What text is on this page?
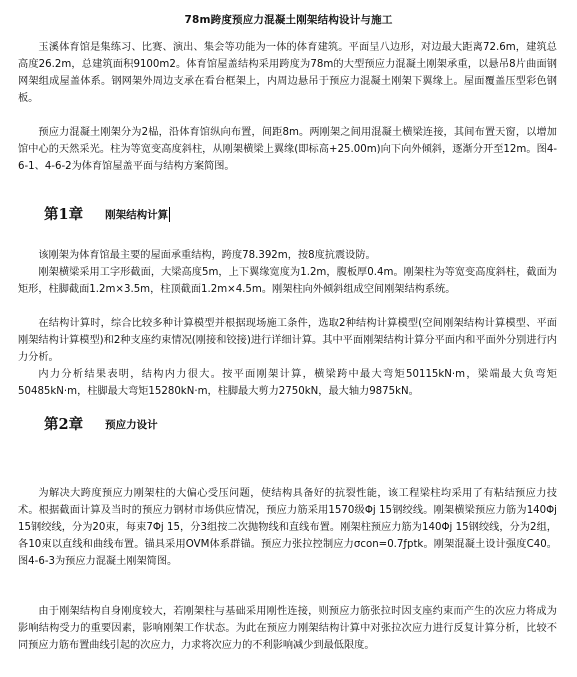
78m跨度预应力混凝土刚架结构设计与施工

玉溪体育馆是集练习、比赛、演出、集会等功能为一体的体育建筑。平面呈八边形，对边最大距离72.6m，建筑总高度26.2m，总建筑面积9100m2。体育馆屋盖结构采用跨度为78m的大型预应力混凝土刚架承重，以悬吊8片曲面钢网架组成屋盖体系。钢网架外周边支承在看台框架上，内周边悬吊于预应力混凝土刚架下翼缘上。屋面覆盖压型彩色钢板。

预应力混凝土刚架分为2榀，沿体育馆纵向布置，间距8m。两刚架之间用混凝土横梁连接，其间布置天窗，以增加馆中心的天然采光。柱为等宽变高度斜柱，从刚架横梁上翼缘(即标高+25.00m)向下向外倾斜，逐渐分开至12m。图4-6-1、4-6-2为体育馆屋盖平面与结构方案简图。

第1章 刚架结构计算

该刚架为体育馆最主要的屋面承重结构，跨度78.392m，按8度抗震设防。

刚架横梁采用工字形截面，大梁高度5m，上下翼缘宽度为1.2m，腹板厚0.4m。刚架柱为等宽变高度斜柱，截面为矩形，柱脚截面1.2m×3.5m，柱顶截面1.2m×4.5m。刚架柱向外倾斜组成空间刚架结构系统。

在结构计算时，综合比较多种计算模型并根据现场施工条件，选取2种结构计算模型(空间刚架结构计算模型、平面刚架结构计算模型)和2种支座约束情况(刚接和铰接)进行详细计算。其中平面刚架结构计算分平面内和平面外分别进行内力分析。

内力分析结果表明，结构内力很大。按平面刚架计算，横梁跨中最大弯矩50115kN·m，梁端最大负弯矩50485kN·m，柱脚最大弯矩15280kN·m，柱脚最大剪力2750kN，最大轴力9875kN。

第2章 预应力设计

为解决大跨度预应力刚架柱的大偏心受压问题，使结构具备好的抗裂性能，该工程梁柱均采用了有粘结预应力技术。根据截面计算及当时的预应力钢材市场供应情况，预应力筋采用1570级Φj 15钢绞线。刚架横梁预应力筋为140Φj 15钢绞线，分为20束，每束7Φj 15，分3组按二次抛物线和直线布置。刚架柱预应力筋为140Φj 15钢绞线，分为2组，各10束以直线和曲线布置。锚具采用OVM体系群锚。预应力张拉控制应力σcon=0.7ƒptk。刚架混凝土设计强度C40。图4-6-3为预应力混凝土刚架简图。

由于刚架结构自身刚度较大，若刚架柱与基础采用刚性连接，则预应力筋张拉时因支座约束而产生的次应力将成为影响结构受力的重要因素，影响刚架工作状态。为此在预应力刚架结构计算中对张拉次应力进行反复计算分析，比较不同预应力筋布置曲线引起的次应力，力求将次应力的不利影响减少到最低限度。
